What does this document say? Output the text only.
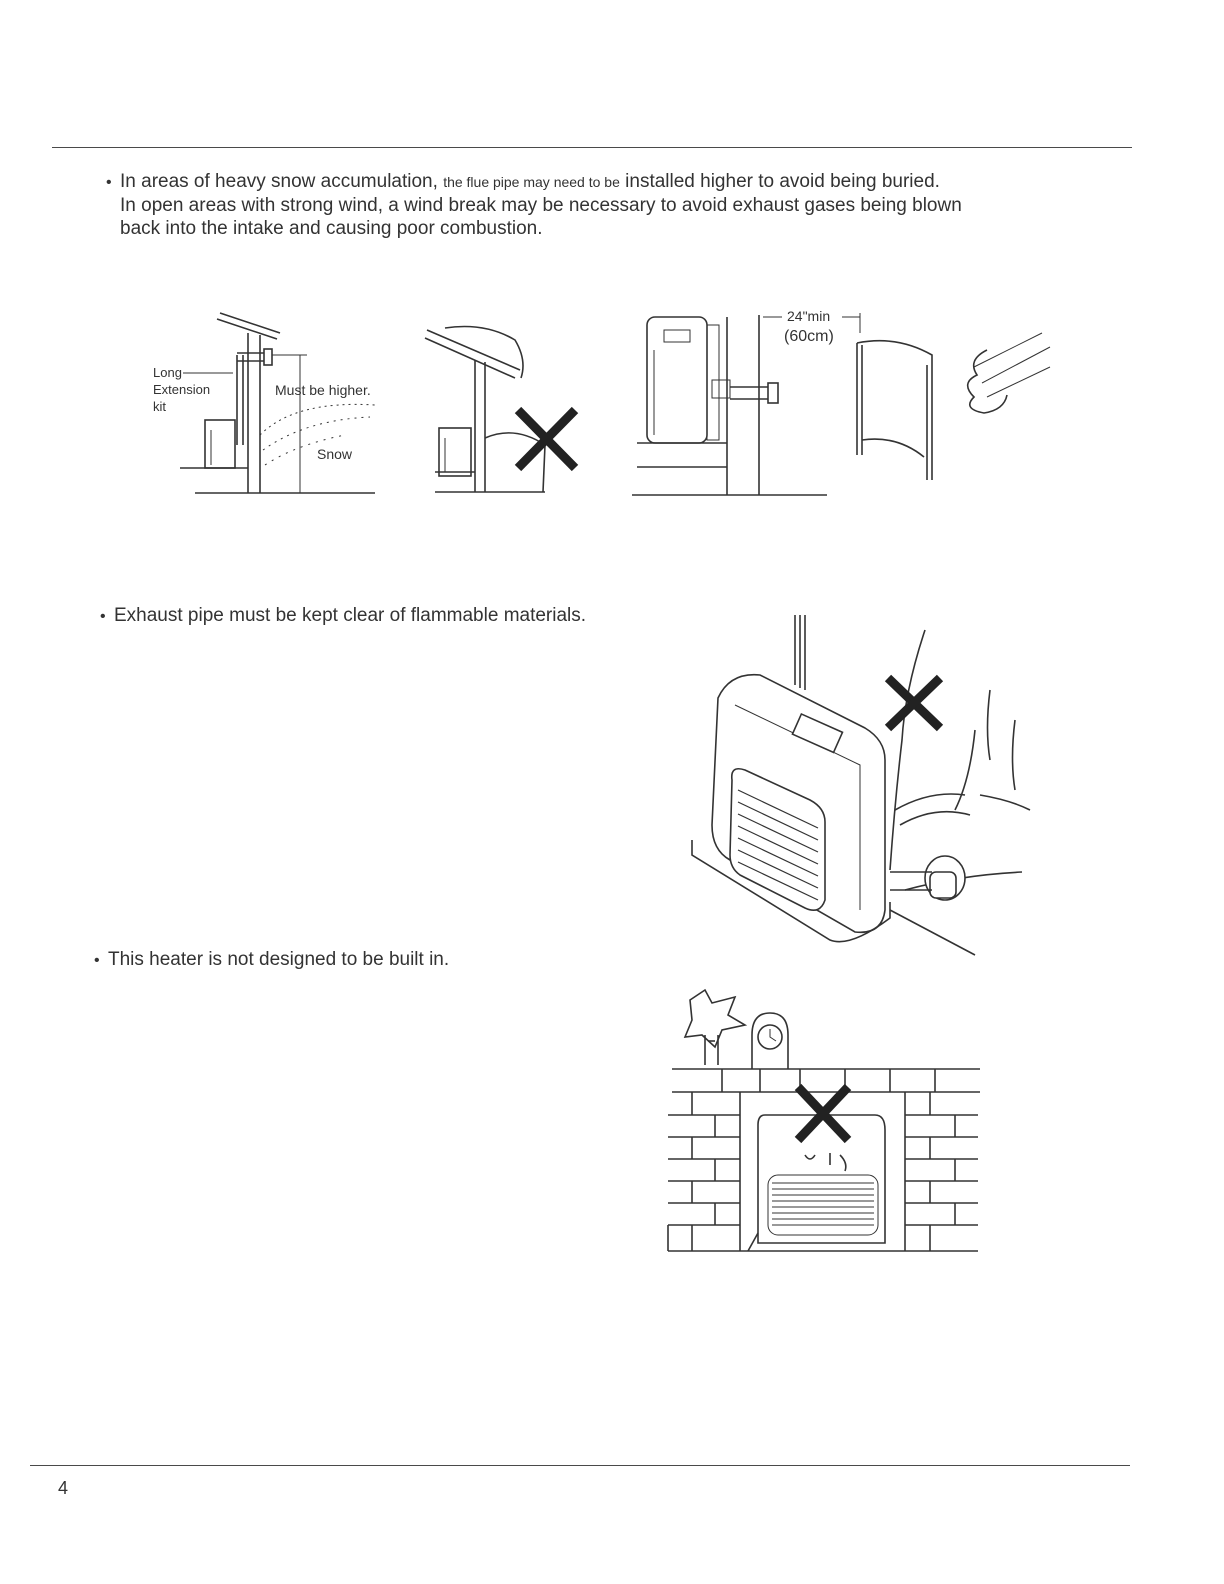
• In areas of heavy snow accumulation, the flue pipe may need to be installed higher to avoid being buried.
In open areas with strong wind, a wind break may be necessary to avoid exhaust gases being blown
back into the intake and causing poor combustion.
Long
Extension
kit
Must be higher.
Snow
24"min
(60cm)
• Exhaust pipe must be kept clear of flammable materials.
• This heater is not designed to be built in.
4
